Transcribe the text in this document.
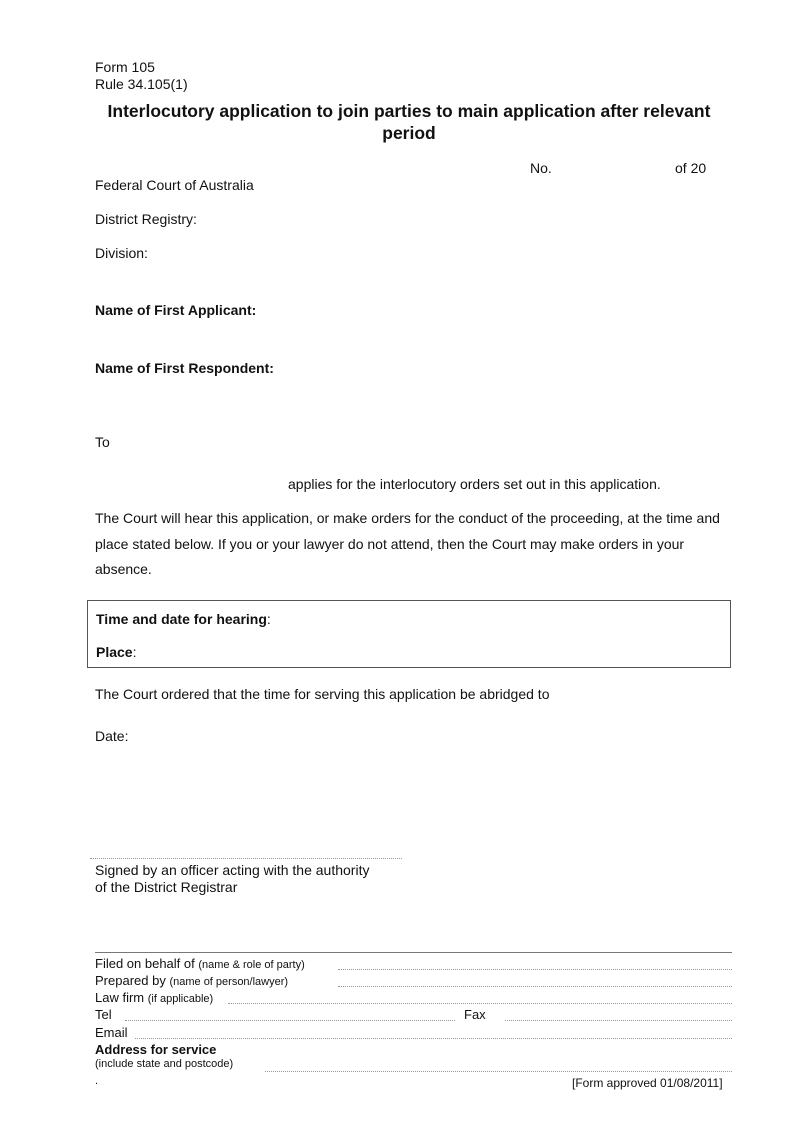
Form 105
Rule 34.105(1)
Interlocutory application to join parties to main application after relevant period
No.	of 20
Federal Court of Australia
District Registry:
Division:
Name of First Applicant:
Name of First Respondent:
To
applies for the interlocutory orders set out in this application.
The Court will hear this application, or make orders for the conduct of the proceeding, at the time and place stated below. If you or your lawyer do not attend, then the Court may make orders in your absence.
Time and date for hearing:
Place:
The Court ordered that the time for serving this application be abridged to
Date:
Signed by an officer acting with the authority
of the District Registrar
Filed on behalf of (name & role of party)
Prepared by (name of person/lawyer)
Law firm (if applicable)
Tel	Fax
Email
Address for service
(include state and postcode)
.	[Form approved 01/08/2011]
